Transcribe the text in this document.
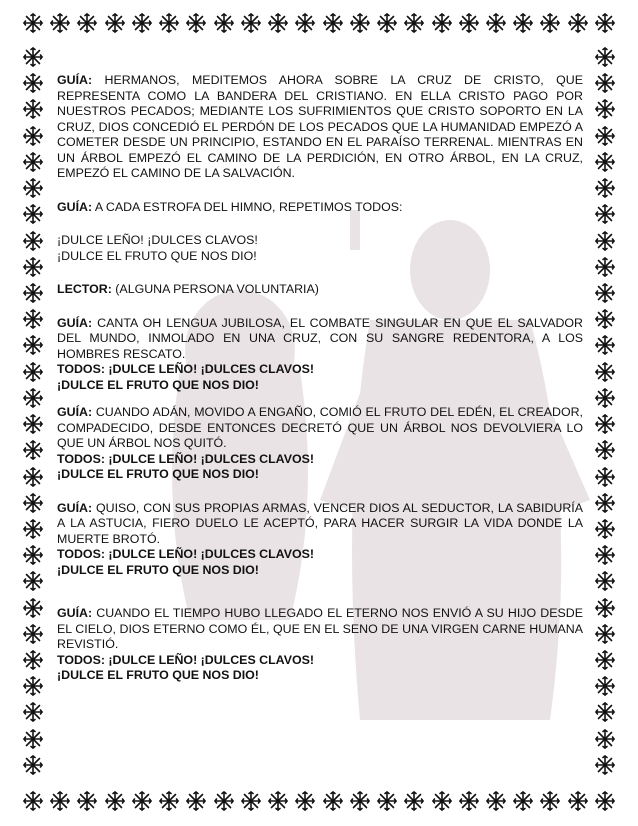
GUÍA: HERMANOS, MEDITEMOS AHORA SOBRE LA CRUZ DE CRISTO, QUE REPRESENTA COMO LA BANDERA DEL CRISTIANO. EN ELLA CRISTO PAGO POR NUESTROS PECADOS; MEDIANTE LOS SUFRIMIENTOS QUE CRISTO SOPORTO EN LA CRUZ, DIOS CONCEDIÓ EL PERDÓN DE LOS PECADOS QUE LA HUMANIDAD EMPEZÓ A COMETER DESDE UN PRINCIPIO, ESTANDO EN EL PARAÍSO TERRENAL. MIENTRAS EN UN ÁRBOL EMPEZÓ EL CAMINO DE LA PERDICIÓN, EN OTRO ÁRBOL, EN LA CRUZ, EMPEZÓ EL CAMINO DE LA SALVACIÓN.

GUÍA: A CADA ESTROFA DEL HIMNO, REPETIMOS TODOS:

¡DULCE LEÑO! ¡DULCES CLAVOS!

¡DULCE EL FRUTO QUE NOS DIO!

LECTOR: (ALGUNA PERSONA VOLUNTARIA)

GUÍA: CANTA OH LENGUA JUBILOSA, EL COMBATE SINGULAR EN QUE EL SALVADOR DEL MUNDO, INMOLADO EN UNA CRUZ, CON SU SANGRE REDENTORA, A LOS HOMBRES RESCATO.

TODOS: ¡DULCE LEÑO! ¡DULCES CLAVOS!

¡DULCE EL FRUTO QUE NOS DIO!

GUÍA: CUANDO ADÁN, MOVIDO A ENGAÑO, COMIÓ EL FRUTO DEL EDÉN, EL CREADOR, COMPADECIDO, DESDE ENTONCES DECRETÓ QUE UN ÁRBOL NOS DEVOLVIERA LO QUE UN ÁRBOL NOS QUITÓ.

TODOS: ¡DULCE LEÑO! ¡DULCES CLAVOS!

¡DULCE EL FRUTO QUE NOS DIO!

GUÍA: QUISO, CON SUS PROPIAS ARMAS, VENCER DIOS AL SEDUCTOR, LA SABIDURÍA A LA ASTUCIA, FIERO DUELO LE ACEPTÓ, PARA HACER SURGIR LA VIDA DONDE LA MUERTE BROTÓ.

TODOS: ¡DULCE LEÑO! ¡DULCES CLAVOS!

¡DULCE EL FRUTO QUE NOS DIO!

GUÍA: CUANDO EL TIEMPO HUBO LLEGADO EL ETERNO NOS ENVIÓ A SU HIJO DESDE EL CIELO, DIOS ETERNO COMO ÉL, QUE EN EL SENO DE UNA VIRGEN CARNE HUMANA REVISTIÓ.

TODOS: ¡DULCE LEÑO! ¡DULCES CLAVOS!

¡DULCE EL FRUTO QUE NOS DIO!
